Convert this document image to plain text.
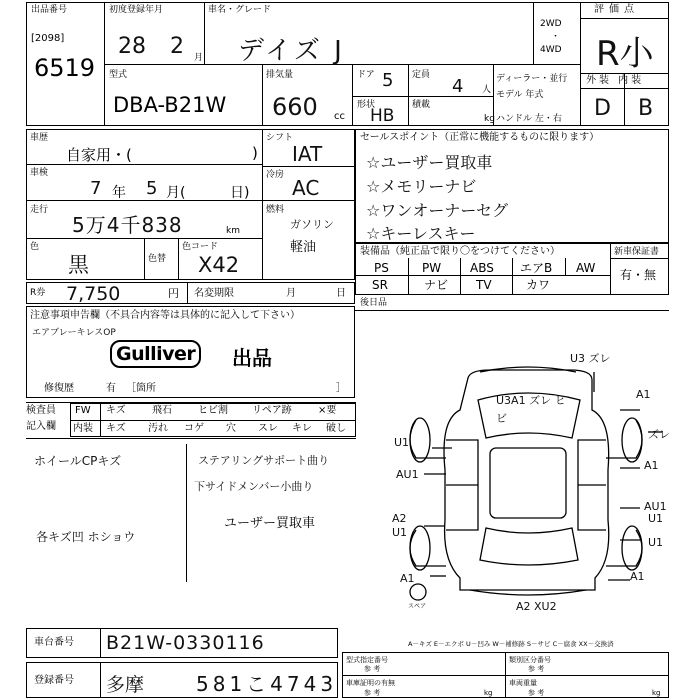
出品番号
[2098]
6519
初度登録年月
28 2 月
車名・グレード
デイズ J
2WD
・
4WD
評価点
R小
外装 内装
D B
型式
DBA-B21W
排気量
660 cc
ドア 5 定員
4 人
ディーラー・並行
モデル 年式
形状
HB
積載
kg ハンドル 左・右
車歴
自家用・(	)
シフト
IAT
車検
7 年 5 月(	日)
冷房
AC
走行
5万4千838	km
燃料
ガソリン
軽油
色
黒	色替
色コード
X42
R券 7,750	円 名変期限	月	日
セールスポイント（正常に機能するものに限ります）
☆ユーザー買取車
☆メモリーナビ
☆ワンオーナーセグ
☆キーレスキー
装備品（純正品で限り〇をつけてください）	新車保証書
PS	PW ABS エアB AW
SR	ナビ TV	カワ
有・無
後日品
注意事項申告欄（不具合内容等は具体的に記入して下さい）
エアブレーキレスOP
Gulliver	出品
修復歴	有 ［箇所	］
検査員
記入欄
FW キズ	飛石	ヒビ割 リペア跡	×要
内装 キズ 汚れ コゲ 穴 スレ キレ 破し
ホイールCPキズ	ステアリングサポート曲り
下サイドメンバー小曲り
ユーザー買取車
各キズ凹 ホショウ
U3 ズレ
A1
U3A1 ズレ ヒビ
ズレ
U1
A1
AU1
AU1
A2 U1
U1
U1
A1	A1
A2 XU2
スペア
A－キズ E－エクボ U－凹み W－補修跡 S－サビ C－腐食 XX－交換済
車台番号 B21W-0330116
登録番号 多摩	581こ4743
型式指定番号
参 考
類別区分番号
参 考
車庫証明の有無
参 考
車両重量
参 考
kg	kg
